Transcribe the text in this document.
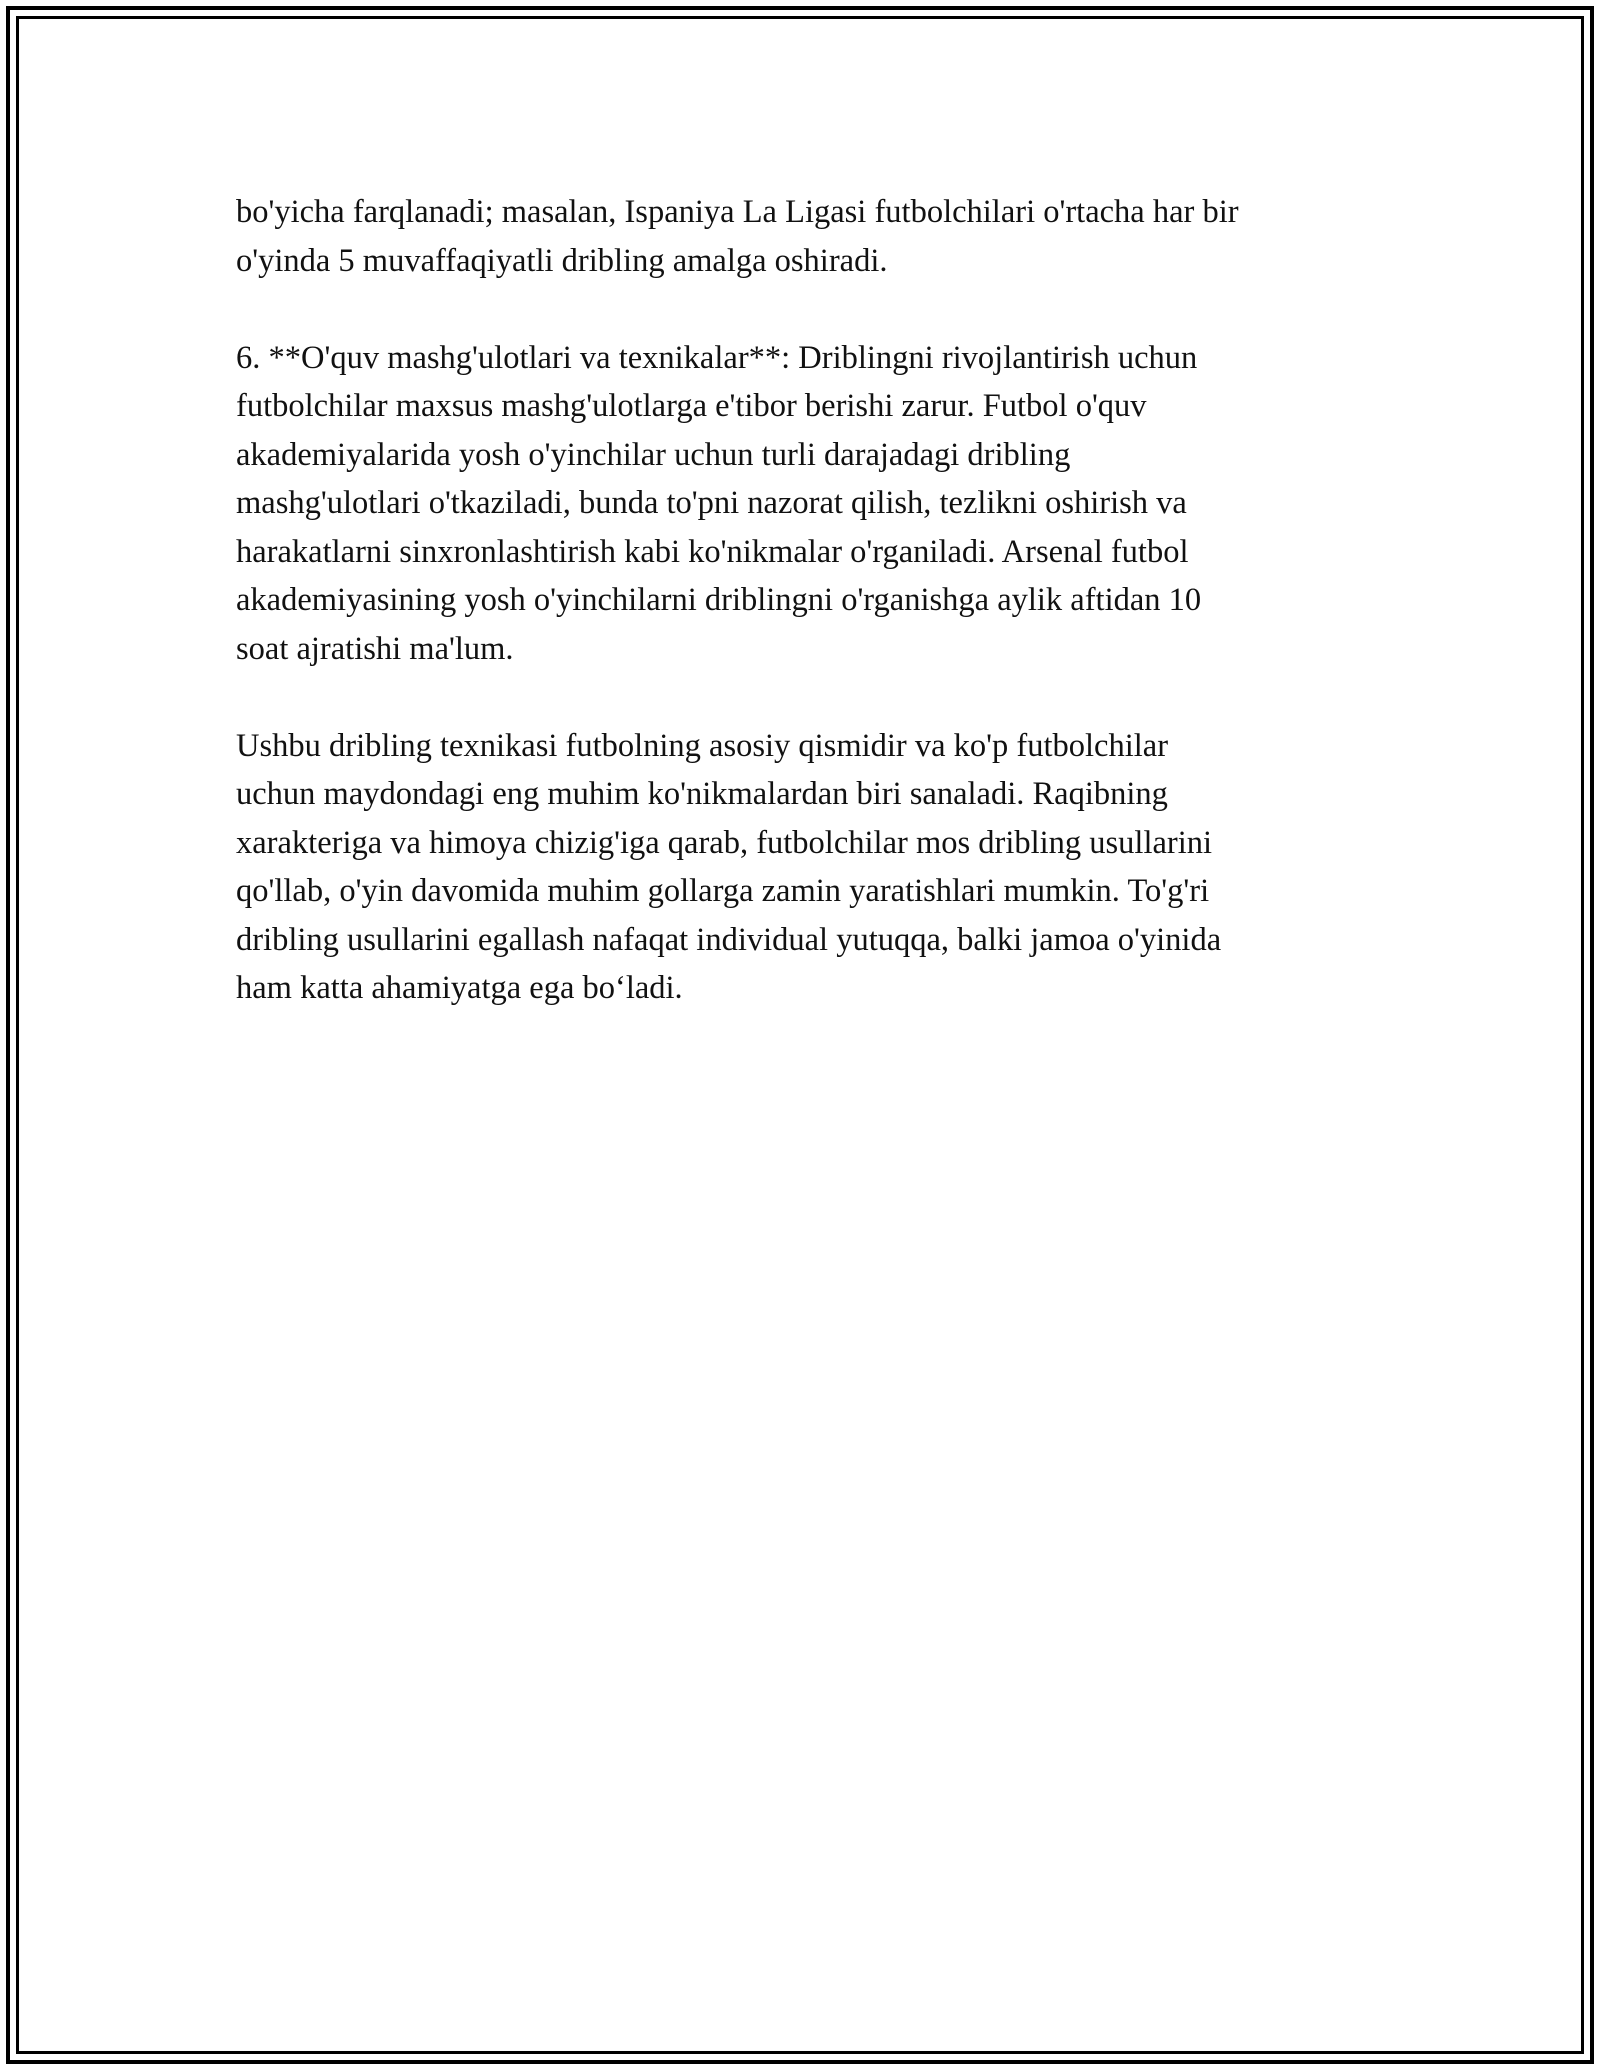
bo'yicha farqlanadi; masalan, Ispaniya La Ligasi futbolchilari o'rtacha har bir
o'yinda 5 muvaffaqiyatli dribling amalga oshiradi.

6. **O'quv mashg'ulotlari va texnikalar**: Driblingni rivojlantirish uchun
futbolchilar maxsus mashg'ulotlarga e'tibor berishi zarur. Futbol o'quv
akademiyalarida yosh o'yinchilar uchun turli darajadagi dribling
mashg'ulotlari o'tkaziladi, bunda to'pni nazorat qilish, tezlikni oshirish va
harakatlarni sinxronlashtirish kabi ko'nikmalar o'rganiladi. Arsenal futbol
akademiyasining yosh o'yinchilarni driblingni o'rganishga aylik aftidan 10
soat ajratishi ma'lum.

Ushbu dribling texnikasi futbolning asosiy qismidir va ko'p futbolchilar
uchun maydondagi eng muhim ko'nikmalardan biri sanaladi. Raqibning
xarakteriga va himoya chizig'iga qarab, futbolchilar mos dribling usullarini
qo'llab, o'yin davomida muhim gollarga zamin yaratishlari mumkin. To'g'ri
dribling usullarini egallash nafaqat individual yutuqqa, balki jamoa o'yinida
ham katta ahamiyatga ega bo‘ladi.
